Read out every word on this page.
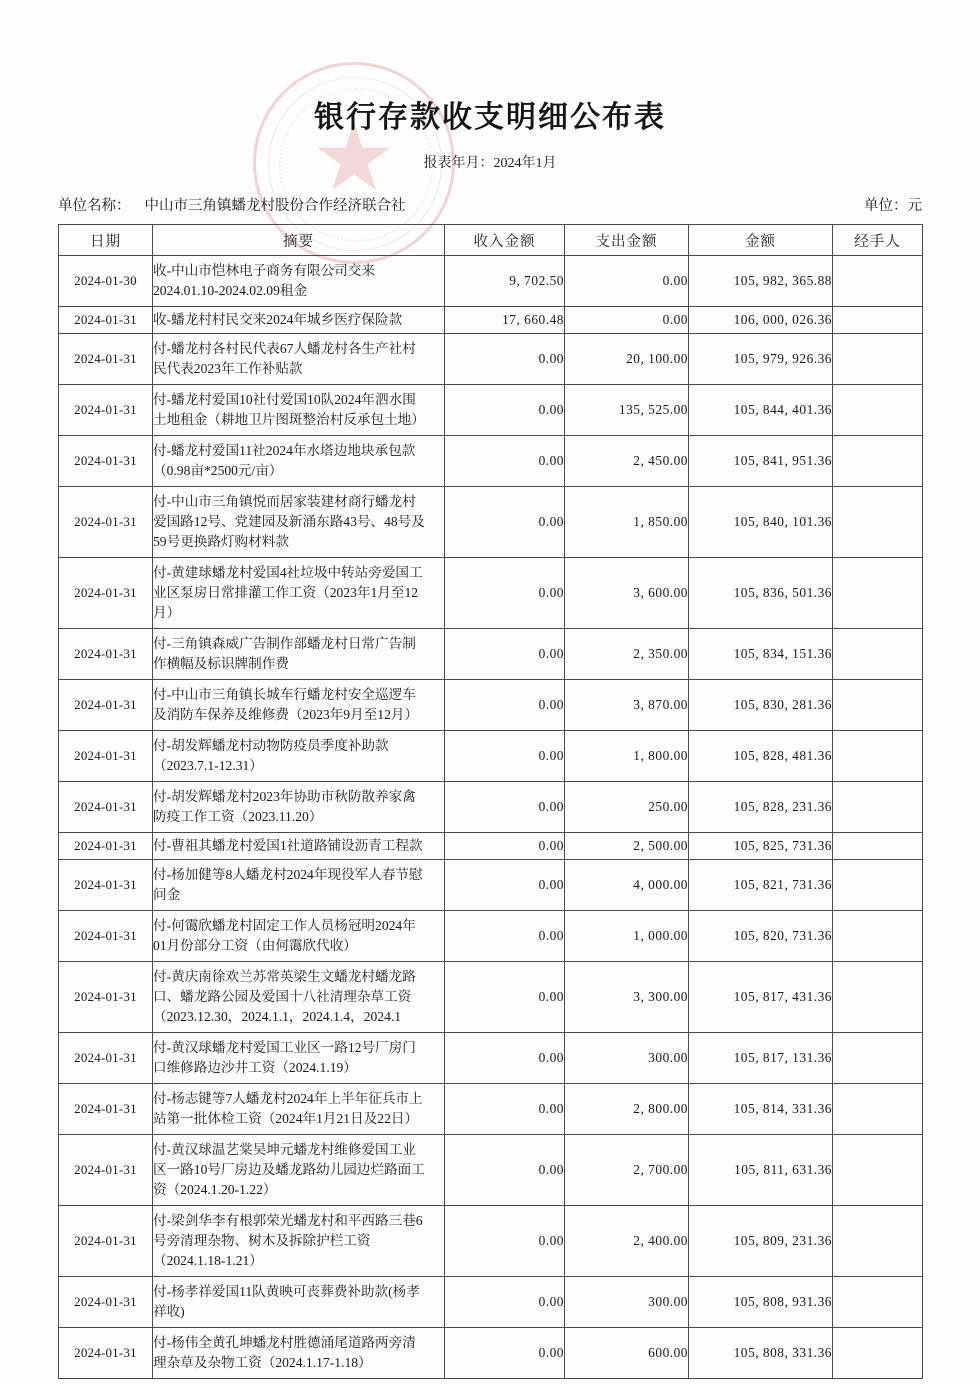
银行存款收支明细公布表
报表年月：2024年1月
单位名称： 中山市三角镇蟠龙村股份合作经济联合社	单位：元
日期	摘要	收入金额	支出金额	金额	经手人
2024-01-30	收-中山市恺林电子商务有限公司交来
2024.01.10-2024.02.09租金	9, 702.50	0.00	105, 982, 365.88	
2024-01-31	收-蟠龙村村民交来2024年城乡医疗保险款	17, 660.48	0.00	106, 000, 026.36	
2024-01-31	付-蟠龙村各村民代表67人蟠龙村各生产社村
民代表2023年工作补贴款	0.00	20, 100.00	105, 979, 926.36	
2024-01-31	付-蟠龙村爱国10社付爱国10队2024年泗水围
土地租金（耕地卫片图斑整治村反承包土地）	0.00	135, 525.00	105, 844, 401.36	
2024-01-31	付-蟠龙村爱国11社2024年水塔边地块承包款
（0.98亩*2500元/亩）	0.00	2, 450.00	105, 841, 951.36	
2024-01-31	付-中山市三角镇悦而居家装建材商行蟠龙村
爱国路12号、党建园及新涌东路43号、48号及
59号更换路灯购材料款	0.00	1, 850.00	105, 840, 101.36	
2024-01-31	付-黄建球蟠龙村爱国4社垃圾中转站旁爱国工
业区泵房日常排灌工作工资（2023年1月至12
月）	0.00	3, 600.00	105, 836, 501.36	
2024-01-31	付-三角镇森威广告制作部蟠龙村日常广告制
作横幅及标识牌制作费	0.00	2, 350.00	105, 834, 151.36	
2024-01-31	付-中山市三角镇长城车行蟠龙村安全巡逻车
及消防车保养及维修费（2023年9月至12月）	0.00	3, 870.00	105, 830, 281.36	
2024-01-31	付-胡发辉蟠龙村动物防疫员季度补助款
（2023.7.1-12.31）	0.00	1, 800.00	105, 828, 481.36	
2024-01-31	付-胡发辉蟠龙村2023年协助市秋防散养家禽
防疫工作工资（2023.11.20）	0.00	250.00	105, 828, 231.36	
2024-01-31	付-曹祖其蟠龙村爱国1社道路铺设沥青工程款	0.00	2, 500.00	105, 825, 731.36	
2024-01-31	付-杨加健等8人蟠龙村2024年现役军人春节慰
问金	0.00	4, 000.00	105, 821, 731.36	
2024-01-31	付-何霭欣蟠龙村固定工作人员杨冠明2024年
01月份部分工资（由何霭欣代收）	0.00	1, 000.00	105, 820, 731.36	
2024-01-31	付-黄庆南徐欢兰苏常英梁生文蟠龙村蟠龙路
口、蟠龙路公园及爱国十八社清理杂草工资
（2023.12.30，2024.1.1，2024.1.4，2024.1	0.00	3, 300.00	105, 817, 431.36	
2024-01-31	付-黄汉球蟠龙村爱国工业区一路12号厂房门
口维修路边沙井工资（2024.1.19）	0.00	300.00	105, 817, 131.36	
2024-01-31	付-杨志键等7人蟠龙村2024年上半年征兵市上
站第一批体检工资（2024年1月21日及22日）	0.00	2, 800.00	105, 814, 331.36	
2024-01-31	付-黄汉球温艺棠吴坤元蟠龙村维修爱国工业
区一路10号厂房边及蟠龙路幼儿园边烂路面工
资（2024.1.20-1.22）	0.00	2, 700.00	105, 811, 631.36	
2024-01-31	付-梁剑华李有根郭荣光蟠龙村和平西路三巷6
号旁清理杂物、树木及拆除护栏工资
（2024.1.18-1.21）	0.00	2, 400.00	105, 809, 231.36	
2024-01-31	付-杨孝祥爱国11队黄映可丧葬费补助款(杨孝
祥收)	0.00	300.00	105, 808, 931.36	
2024-01-31	付-杨伟全黄孔坤蟠龙村胜德涌尾道路两旁清
理杂草及杂物工资（2024.1.17-1.18）	0.00	600.00	105, 808, 331.36	
